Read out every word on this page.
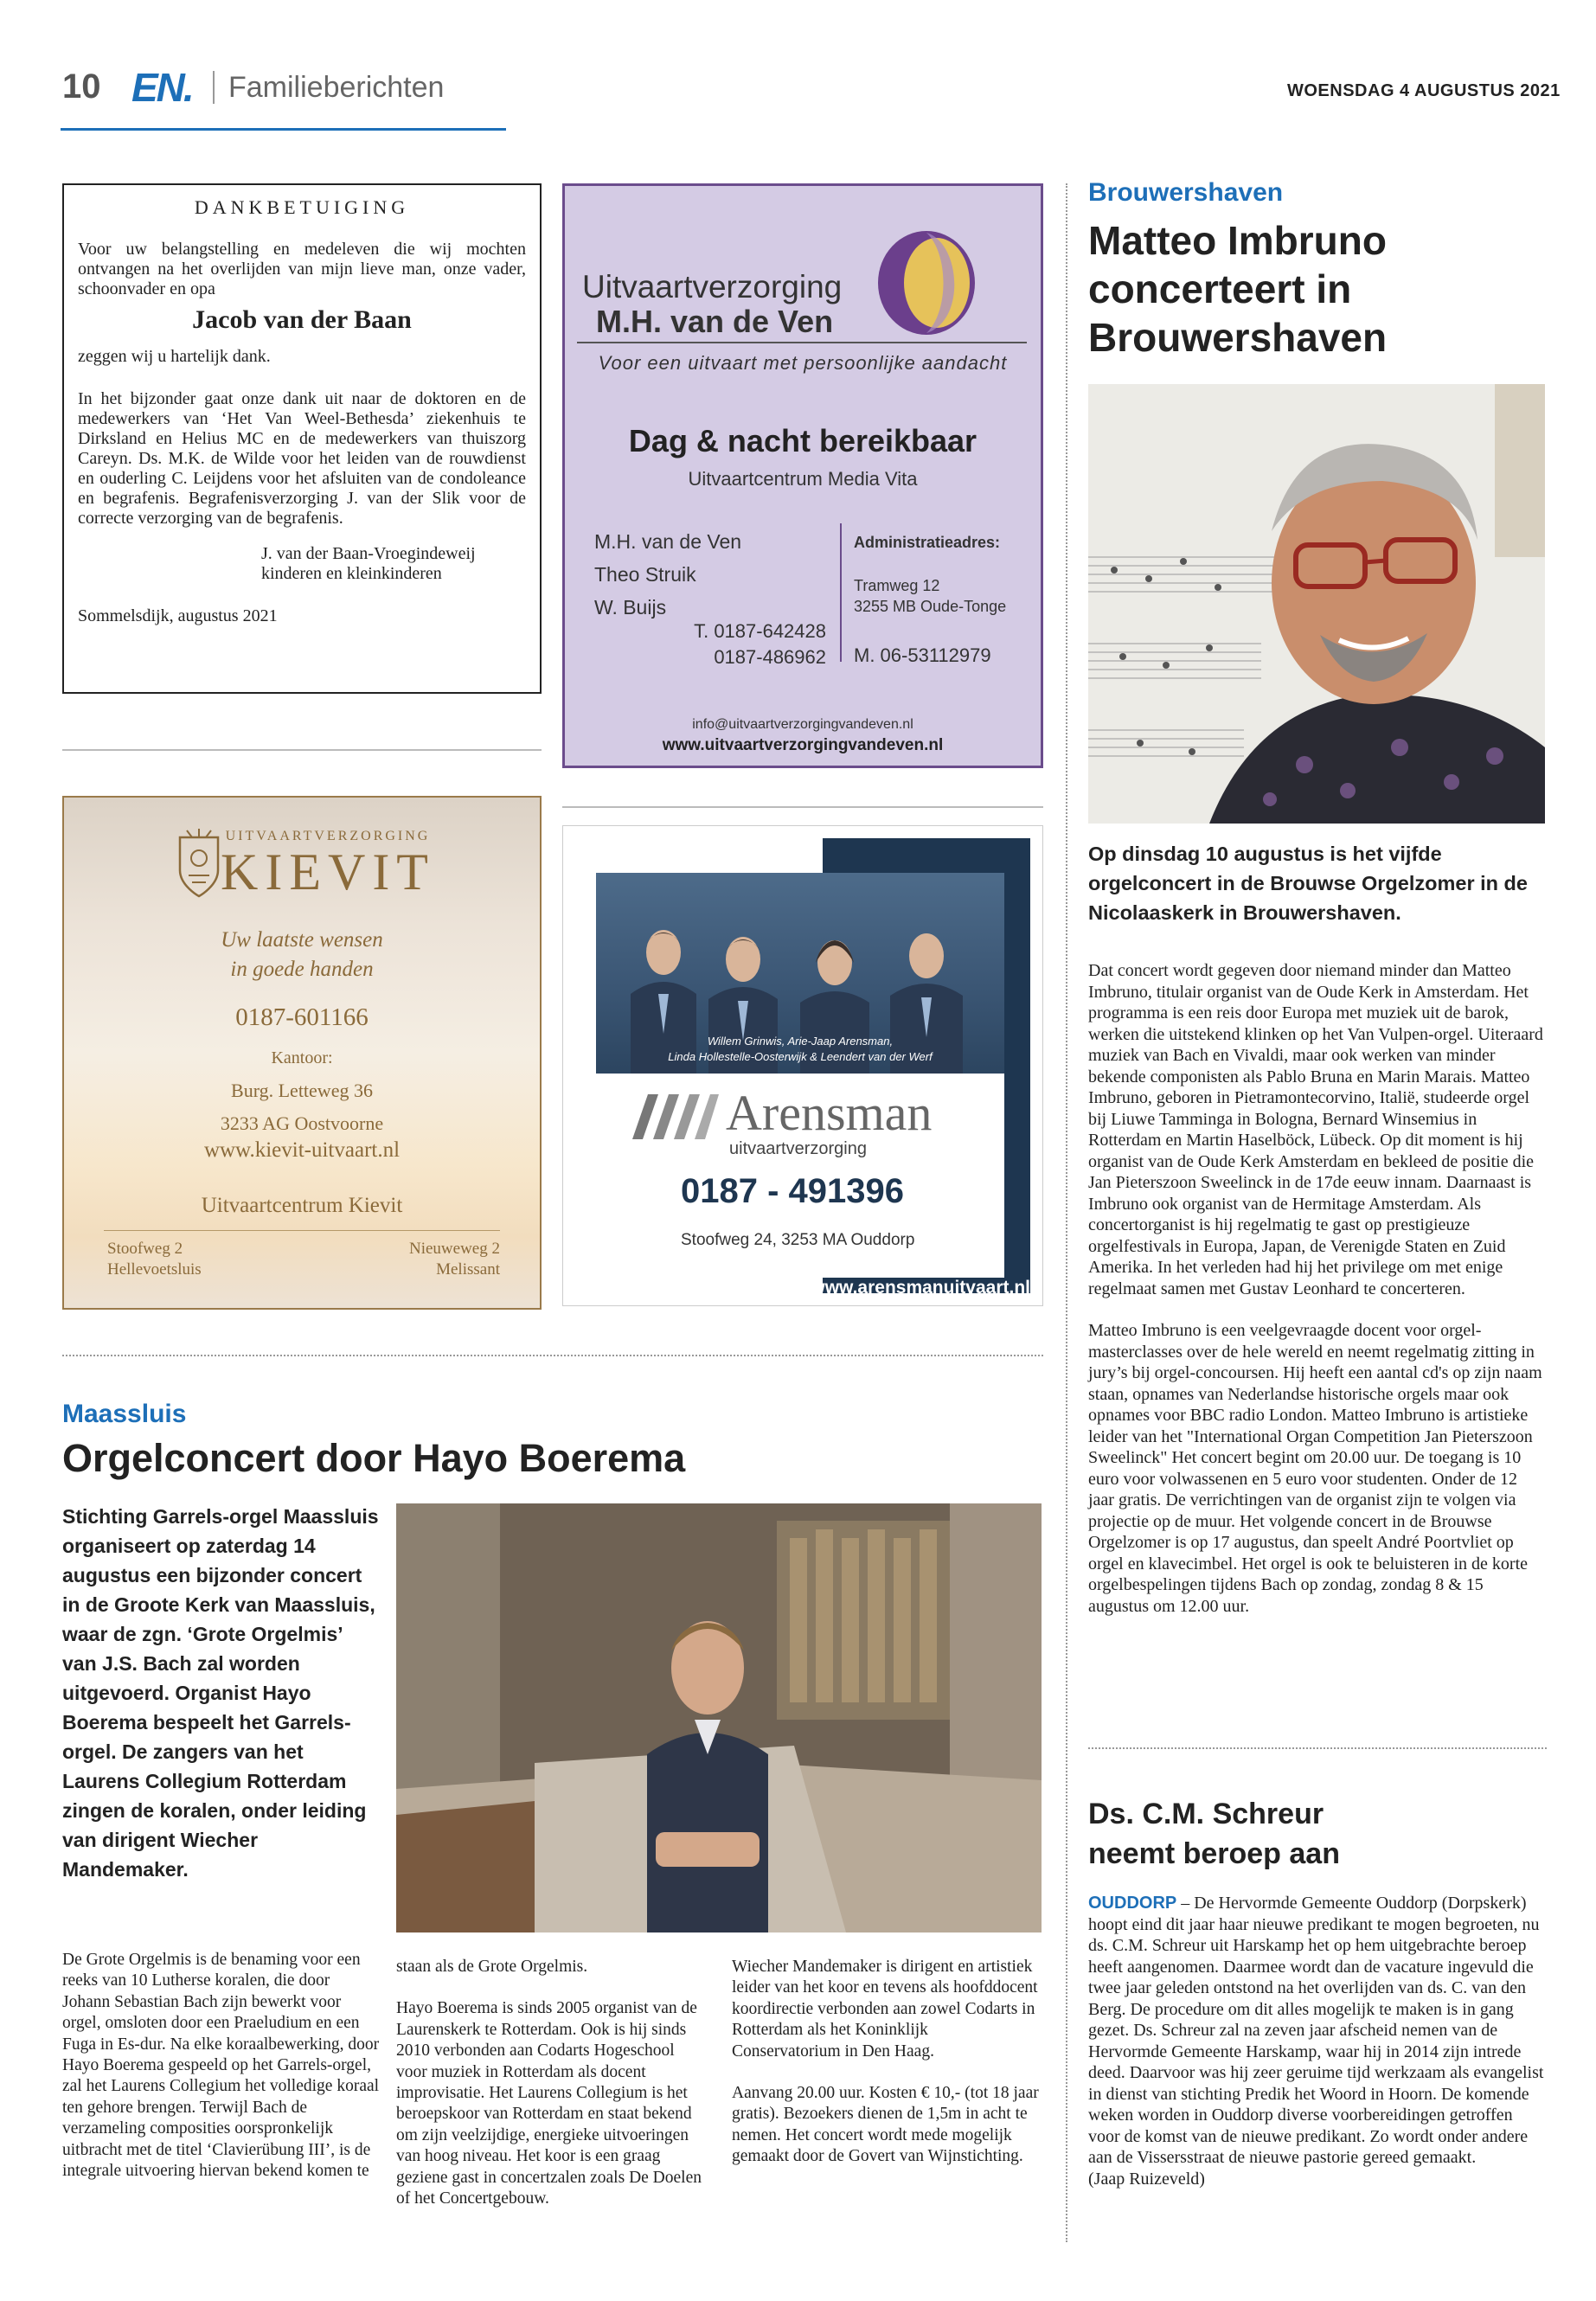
10 EN. Familieberichten	WOENSDAG 4 AUGUSTUS 2021
DANKBETUIGING

Voor uw belangstelling en medeleven die wij mochten ontvangen na het overlijden van mijn lieve man, onze vader, schoonvader en opa

Jacob van der Baan

zeggen wij u hartelijk dank.

In het bijzonder gaat onze dank uit naar de doktoren en de medewerkers van ‘Het Van Weel-Bethesda’ ziekenhuis te Dirksland en Helius MC en de medewerkers van thuiszorg Careyn. Ds. M.K. de Wilde voor het leiden van de rouwdienst en ouderling C. Leijdens voor het afsluiten van de condoleance en begrafenis. Begrafenisverzorging J. van der Slik voor de correcte verzorging van de begrafenis.

J. van der Baan-Vroegindeweij
kinderen en kleinkinderen
Sommelsdijk, augustus 2021
Uitvaartverzorging
M.H. van de Ven
Voor een uitvaart met persoonlijke aandacht
Dag & nacht bereikbaar
Uitvaartcentrum Media Vita
M.H. van de Ven
Theo Struik
W. Buijs
T. 0187-642428
0187-486962
Administratieadres:
Tramweg 12
3255 MB Oude-Tonge
M. 06-53112979
info@uitvaartverzorgingvandeven.nl
www.uitvaartverzorgingvandeven.nl
UITVAARTVERZORGING
KIEVIT
Uw laatste wensen
in goede handen
0187-601166
Kantoor:
Burg. Letteweg 36
3233 AG Oostvoorne
www.kievit-uitvaart.nl
Uitvaartcentrum Kievit
Stoofweg 2
Hellevoetsluis
Nieuweweg 2
Melissant
Willem Grinwis, Arie-Jaap Arensman,
Linda Hollestelle-Oosterwijk & Leendert van der Werf
Arensman
uitvaartverzorging
0187 - 491396
Stoofweg 24, 3253 MA Ouddorp
www.arensmanuitvaart.nl
Maassluis
Orgelconcert door Hayo Boerema
Stichting Garrels-orgel Maassluis organiseert op zaterdag 14 augustus een bijzonder concert in de Groote Kerk van Maassluis, waar de zgn. ‘Grote Orgelmis’ van J.S. Bach zal worden uitgevoerd. Organist Hayo Boerema bespeelt het Garrels-orgel. De zangers van het Laurens Collegium Rotterdam zingen de koralen, onder leiding van dirigent Wiecher Mandemaker.

De Grote Orgelmis is de benaming voor een reeks van 10 Lutherse koralen, die door Johann Sebastian Bach zijn bewerkt voor orgel, omsloten door een Praeludium en een Fuga in Es-dur. Na elke koraalbewerking, door Hayo Boerema gespeeld op het Garrels-orgel, zal het Laurens Collegium het volledige koraal ten gehore brengen. Terwijl Bach de verzameling composities oorspronkelijk uitbracht met de titel ‘Clavierübung III’, is de integrale uitvoering hiervan bekend komen te

staan als de Grote Orgelmis.

Hayo Boerema is sinds 2005 organist van de Laurenskerk te Rotterdam. Ook is hij sinds 2010 verbonden aan Codarts Hogeschool voor muziek in Rotterdam als docent improvisatie. Het Laurens Collegium is het beroepskoor van Rotterdam en staat bekend om zijn veelzijdige, energieke uitvoeringen van hoog niveau. Het koor is een graag geziene gast in concertzalen zoals De Doelen of het Concertgebouw.

Wiecher Mandemaker is dirigent en artistiek leider van het koor en tevens als hoofddocent koordirectie verbonden aan zowel Codarts in Rotterdam als het Koninklijk Conservatorium in Den Haag.

Aanvang 20.00 uur. Kosten € 10,- (tot 18 jaar gratis). Bezoekers dienen de 1,5m in acht te nemen. Het concert wordt mede mogelijk gemaakt door de Govert van Wijnstichting.

Brouwershaven
Matteo Imbruno
concerteert in
Brouwershaven
Op dinsdag 10 augustus is het vijfde orgelconcert in de Brouwse Orgelzomer in de Nicolaaskerk in Brouwershaven.

Dat concert wordt gegeven door niemand minder dan Matteo Imbruno, titulair organist van de Oude Kerk in Amsterdam. Het programma is een reis door Europa met muziek uit de barok, werken die uitstekend klinken op het Van Vulpen-orgel. Uiteraard muziek van Bach en Vivaldi, maar ook werken van minder bekende componisten als Pablo Bruna en Marin Marais. Matteo Imbruno, geboren in Pietramontecorvino, Italië, studeerde orgel bij Liuwe Tamminga in Bologna, Bernard Winsemius in Rotterdam en Martin Haselböck, Lübeck. Op dit moment is hij organist van de Oude Kerk Amsterdam en bekleed de positie die Jan Pieterszoon Sweelinck in de 17de eeuw innam. Daarnaast is Imbruno ook organist van de Hermitage Amsterdam. Als concertorganist is hij regelmatig te gast op prestigieuze orgelfestivals in Europa, Japan, de Verenigde Staten en Zuid Amerika. In het verleden had hij het privilege om met enige regelmaat samen met Gustav Leonhard te concerteren.

Matteo Imbruno is een veelgevraagde docent voor orgel-masterclasses over de hele wereld en neemt regelmatig zitting in jury’s bij orgel-concoursen. Hij heeft een aantal cd's op zijn naam staan, opnames van Nederlandse historische orgels maar ook opnames voor BBC radio London. Matteo Imbruno is artistieke leider van het "International Organ Competition Jan Pieterszoon Sweelinck" Het concert begint om 20.00 uur. De toegang is 10 euro voor volwassenen en 5 euro voor studenten. Onder de 12 jaar gratis. De verrichtingen van de organist zijn te volgen via projectie op de muur. Het volgende concert in de Brouwse Orgelzomer is op 17 augustus, dan speelt André Poortvliet op orgel en klavecimbel. Het orgel is ook te beluisteren in de korte orgelbespelingen tijdens Bach op zondag, zondag 8 & 15 augustus om 12.00 uur.

Ds. C.M. Schreur
neemt beroep aan
OUDDORP – De Hervormde Gemeente Ouddorp (Dorpskerk) hoopt eind dit jaar haar nieuwe predikant te mogen begroeten, nu ds. C.M. Schreur uit Harskamp het op hem uitgebrachte beroep heeft aangenomen. Daarmee wordt dan de vacature ingevuld die twee jaar geleden ontstond na het overlijden van ds. C. van den Berg. De procedure om dit alles mogelijk te maken is in gang gezet. Ds. Schreur zal na zeven jaar afscheid nemen van de Hervormde Gemeente Harskamp, waar hij in 2014 zijn intrede deed. Daarvoor was hij zeer geruime tijd werkzaam als evangelist in dienst van stichting Predik het Woord in Hoorn. De komende weken worden in Ouddorp diverse voorbereidingen getroffen voor de komst van de nieuwe predikant. Zo wordt onder andere aan de Vissersstraat de nieuwe pastorie gereed gemaakt.
(Jaap Ruizeveld)
